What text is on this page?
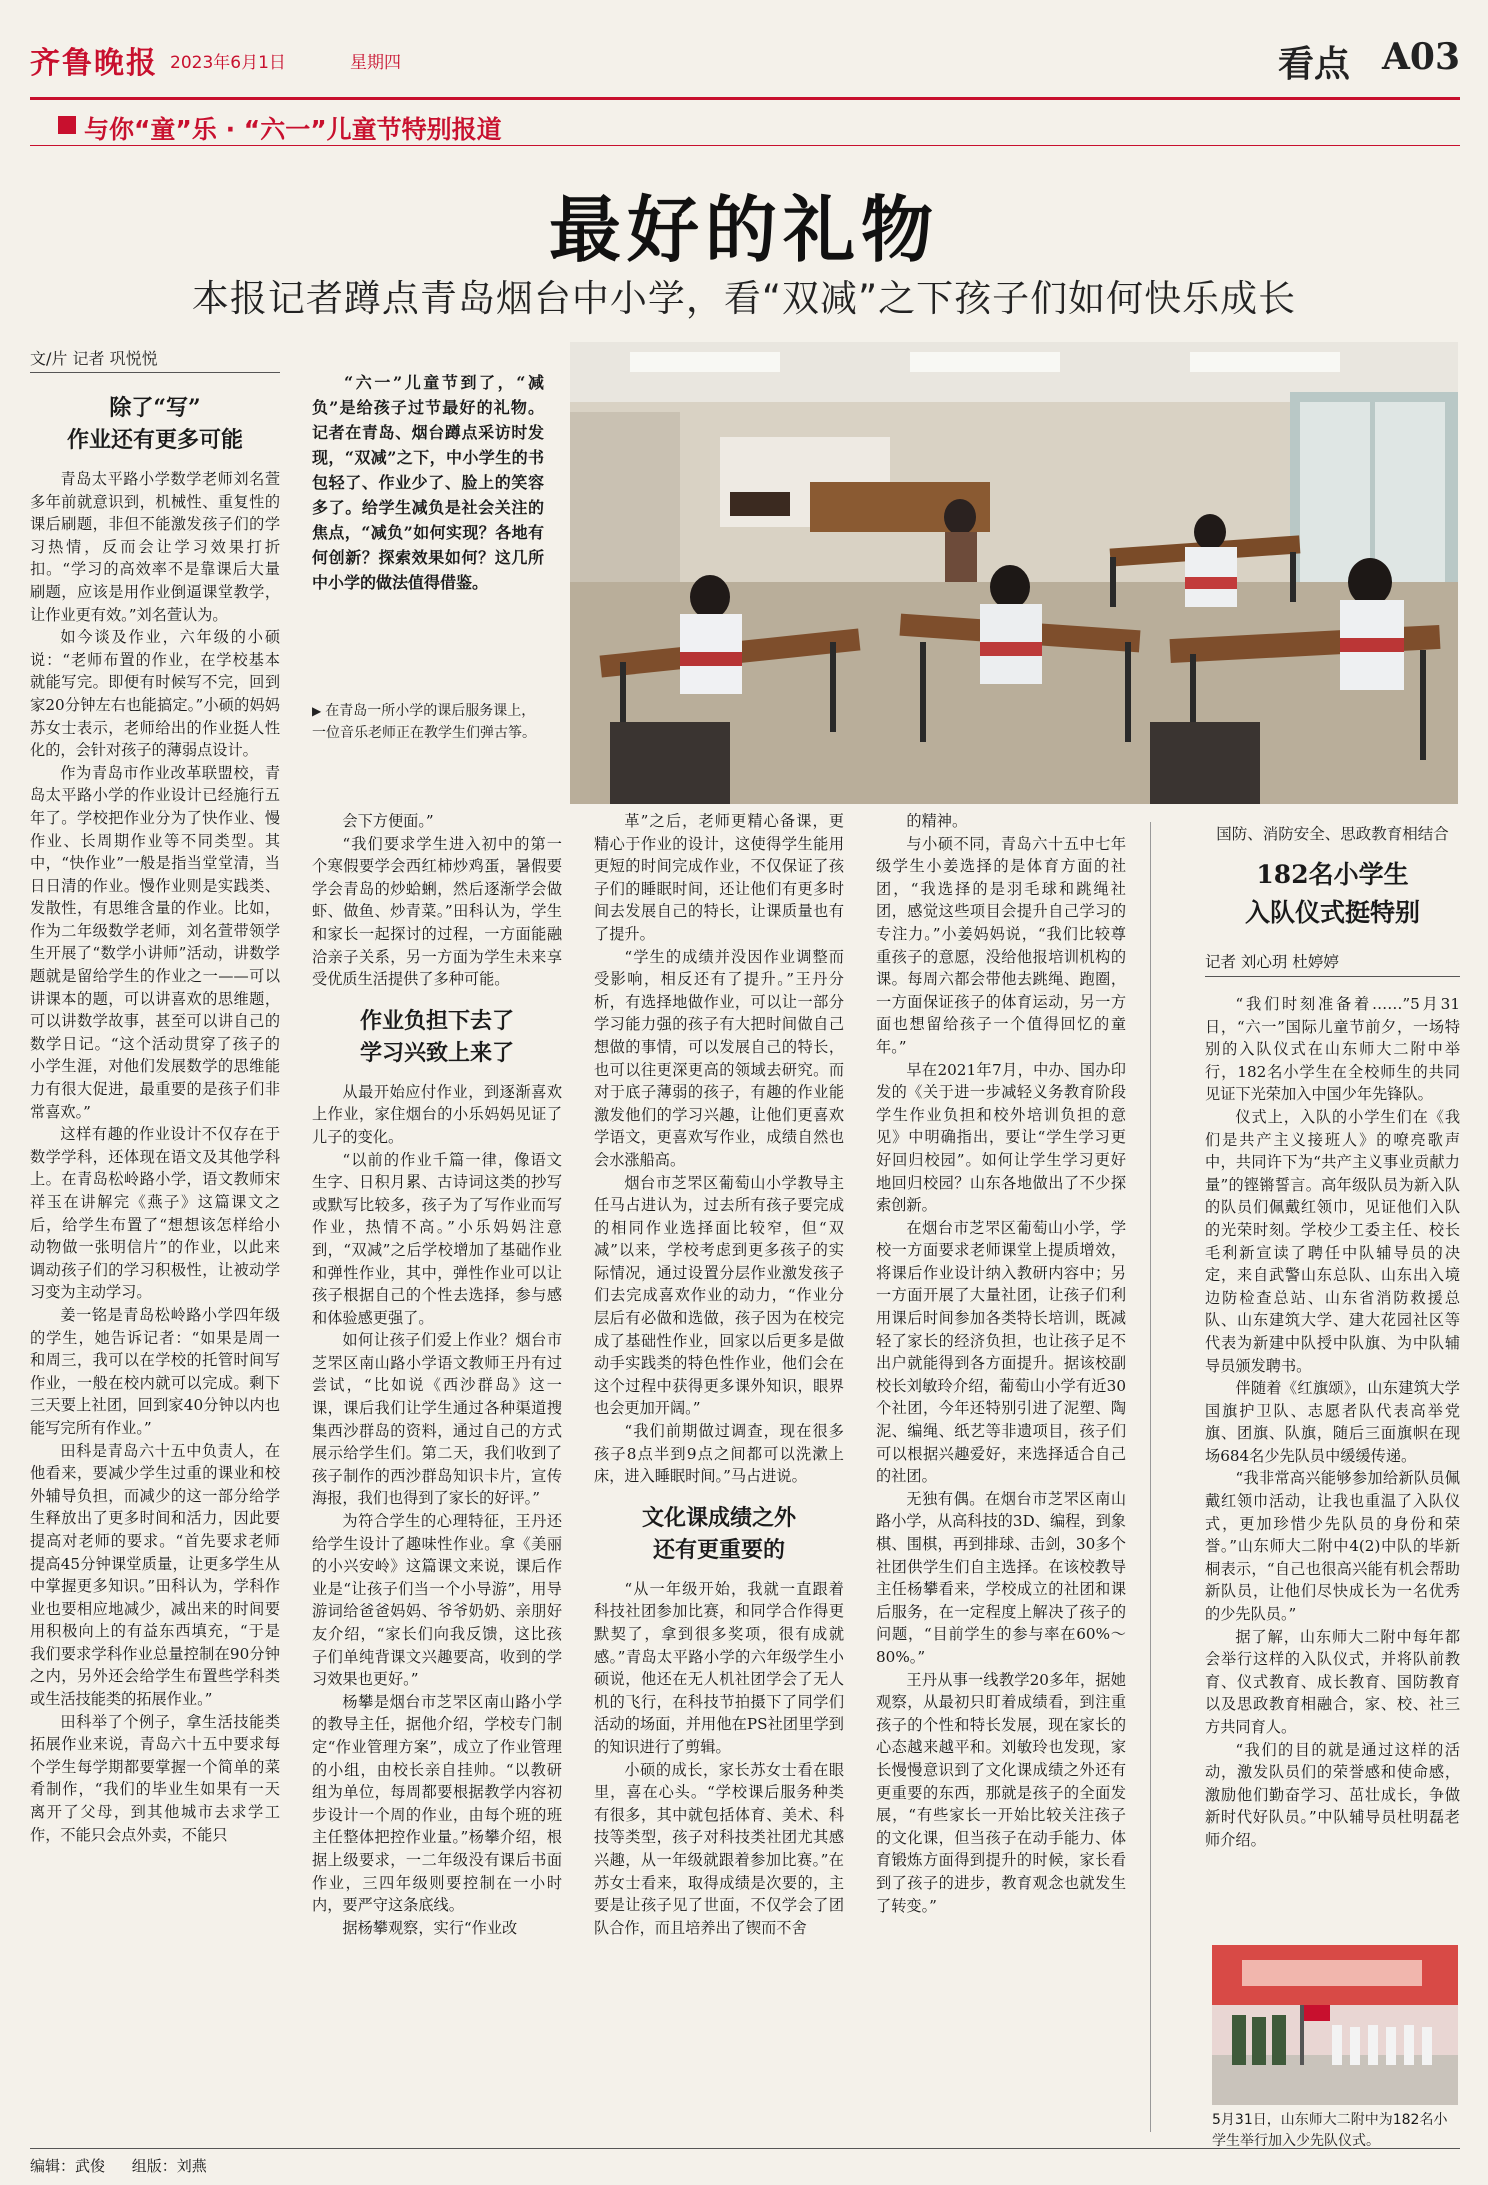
齐鲁晚报 2023年6月1日	星期四	看点 A03
与你“童”乐 · “六一”儿童节特别报道
最好的礼物
本报记者蹲点青岛烟台中小学，看“双减”之下孩子们如何快乐成长
文/片 记者 巩悦悦
除了“写”
作业还有更多可能

青岛太平路小学数学老师刘名萱多年前就意识到，机械性、重复性的课后刷题，非但不能激发孩子们的学习热情，反而会让学习效果打折扣。“学习的高效率不是靠课后大量刷题，应该是用作业倒逼课堂教学，让作业更有效。”刘名萱认为。

如今谈及作业，六年级的小硕说：“老师布置的作业，在学校基本就能写完。即便有时候写不完，回到家20分钟左右也能搞定。”小硕的妈妈苏女士表示，老师给出的作业挺人性化的，会针对孩子的薄弱点设计。

作为青岛市作业改革联盟校，青岛太平路小学的作业设计已经施行五年了。学校把作业分为了快作业、慢作业、长周期作业等不同类型。其中，“快作业”一般是指当堂堂清，当日日清的作业。慢作业则是实践类、发散性，有思维含量的作业。比如，作为二年级数学老师，刘名萱带领学生开展了“数学小讲师”活动，讲数学题就是留给学生的作业之一——可以讲课本的题，可以讲喜欢的思维题，可以讲数学故事，甚至可以讲自己的数学日记。“这个活动贯穿了孩子的小学生涯，对他们发展数学的思维能力有很大促进，最重要的是孩子们非常喜欢。”

这样有趣的作业设计不仅存在于数学学科，还体现在语文及其他学科上。在青岛松岭路小学，语文教师宋祥玉在讲解完《燕子》这篇课文之后，给学生布置了“想想该怎样给小动物做一张明信片”的作业，以此来调动孩子们的学习积极性，让被动学习变为主动学习。

姜一铭是青岛松岭路小学四年级的学生，她告诉记者：“如果是周一和周三，我可以在学校的托管时间写作业，一般在校内就可以完成。剩下三天要上社团，回到家40分钟以内也能写完所有作业。”

田科是青岛六十五中负责人，在他看来，要减少学生过重的课业和校外辅导负担，而减少的这一部分给学生释放出了更多时间和活力，因此要提高对老师的要求。“首先要求老师提高45分钟课堂质量，让更多学生从中掌握更多知识。”田科认为，学科作业也要相应地减少，减出来的时间要用积极向上的有益东西填充，“于是我们要求学科作业总量控制在90分钟之内，另外还会给学生布置些学科类或生活技能类的拓展作业。”

田科举了个例子，拿生活技能类拓展作业来说，青岛六十五中要求每个学生每学期都要掌握一个简单的菜肴制作，“我们的毕业生如果有一天离开了父母，到其他城市去求学工作，不能只会点外卖，不能只

“六一”儿童节到了，“减负”是给孩子过节最好的礼物。记者在青岛、烟台蹲点采访时发现，“双减”之下，中小学生的书包轻了、作业少了、脸上的笑容多了。给学生减负是社会关注的焦点，“减负”如何实现？各地有何创新？探索效果如何？这几所中小学的做法值得借鉴。

▶ 在青岛一所小学的课后服务课上，一位音乐老师正在教学生们弹古筝。

会下方便面。”

“我们要求学生进入初中的第一个寒假要学会西红柿炒鸡蛋，暑假要学会青岛的炒蛤蜊，然后逐渐学会做虾、做鱼、炒青菜。”田科认为，学生和家长一起探讨的过程，一方面能融洽亲子关系，另一方面为学生未来享受优质生活提供了多种可能。

作业负担下去了
学习兴致上来了

从最开始应付作业，到逐渐喜欢上作业，家住烟台的小乐妈妈见证了儿子的变化。

“以前的作业千篇一律，像语文生字、日积月累、古诗词这类的抄写或默写比较多，孩子为了写作业而写作业，热情不高。”小乐妈妈注意到，“双减”之后学校增加了基础作业和弹性作业，其中，弹性作业可以让孩子根据自己的个性去选择，参与感和体验感更强了。

如何让孩子们爱上作业？烟台市芝罘区南山路小学语文教师王丹有过尝试，“比如说《西沙群岛》这一课，课后我们让学生通过各种渠道搜集西沙群岛的资料，通过自己的方式展示给学生们。第二天，我们收到了孩子制作的西沙群岛知识卡片，宣传海报，我们也得到了家长的好评。”

为符合学生的心理特征，王丹还给学生设计了趣味性作业。拿《美丽的小兴安岭》这篇课文来说，课后作业是“让孩子们当一个小导游”，用导游词给爸爸妈妈、爷爷奶奶、亲朋好友介绍，“家长们向我反馈，这比孩子们单纯背课文兴趣要高，收到的学习效果也更好。”

杨攀是烟台市芝罘区南山路小学的教导主任，据他介绍，学校专门制定“作业管理方案”，成立了作业管理的小组，由校长亲自挂帅。“以教研组为单位，每周都要根据教学内容初步设计一个周的作业，由每个班的班主任整体把控作业量。”杨攀介绍，根据上级要求，一二年级没有课后书面作业，三四年级则要控制在一小时内，要严守这条底线。

据杨攀观察，实行“作业改

革”之后，老师更精心备课，更精心于作业的设计，这使得学生能用更短的时间完成作业，不仅保证了孩子们的睡眠时间，还让他们有更多时间去发展自己的特长，让课质量也有了提升。

“学生的成绩并没因作业调整而受影响，相反还有了提升。”王丹分析，有选择地做作业，可以让一部分学习能力强的孩子有大把时间做自己想做的事情，可以发展自己的特长，也可以往更深更高的领域去研究。而对于底子薄弱的孩子，有趣的作业能激发他们的学习兴趣，让他们更喜欢学语文，更喜欢写作业，成绩自然也会水涨船高。

烟台市芝罘区葡萄山小学教导主任马占进认为，过去所有孩子要完成的相同作业选择面比较窄，但“双减”以来，学校考虑到更多孩子的实际情况，通过设置分层作业激发孩子们去完成喜欢作业的动力，“作业分层后有必做和选做，孩子因为在校完成了基础性作业，回家以后更多是做动手实践类的特色性作业，他们会在这个过程中获得更多课外知识，眼界也会更加开阔。”

“我们前期做过调查，现在很多孩子8点半到9点之间都可以洗漱上床，进入睡眠时间。”马占进说。

文化课成绩之外
还有更重要的

“从一年级开始，我就一直跟着科技社团参加比赛，和同学合作得更默契了，拿到很多奖项，很有成就感。”青岛太平路小学的六年级学生小硕说，他还在无人机社团学会了无人机的飞行，在科技节拍摄下了同学们活动的场面，并用他在PS社团里学到的知识进行了剪辑。

小硕的成长，家长苏女士看在眼里，喜在心头。“学校课后服务种类有很多，其中就包括体育、美术、科技等类型，孩子对科技类社团尤其感兴趣，从一年级就跟着参加比赛。”在苏女士看来，取得成绩是次要的，主要是让孩子见了世面，不仅学会了团队合作，而且培养出了锲而不舍

的精神。

与小硕不同，青岛六十五中七年级学生小姜选择的是体育方面的社团，“我选择的是羽毛球和跳绳社团，感觉这些项目会提升自己学习的专注力。”小姜妈妈说，“我们比较尊重孩子的意愿，没给他报培训机构的课。每周六都会带他去跳绳、跑圈，一方面保证孩子的体育运动，另一方面也想留给孩子一个值得回忆的童年。”

早在2021年7月，中办、国办印发的《关于进一步减轻义务教育阶段学生作业负担和校外培训负担的意见》中明确指出，要让“学生学习更好回归校园”。如何让学生学习更好地回归校园？山东各地做出了不少探索创新。

在烟台市芝罘区葡萄山小学，学校一方面要求老师课堂上提质增效，将课后作业设计纳入教研内容中；另一方面开展了大量社团，让孩子们利用课后时间参加各类特长培训，既减轻了家长的经济负担，也让孩子足不出户就能得到各方面提升。据该校副校长刘敏玲介绍，葡萄山小学有近30个社团，今年还特别引进了泥塑、陶泥、编绳、纸艺等非遗项目，孩子们可以根据兴趣爱好，来选择适合自己的社团。

无独有偶。在烟台市芝罘区南山路小学，从高科技的3D、编程，到象棋、围棋，再到排球、击剑，30多个社团供学生们自主选择。在该校教导主任杨攀看来，学校成立的社团和课后服务，在一定程度上解决了孩子的问题，“目前学生的参与率在60%～80%。”

王丹从事一线教学20多年，据她观察，从最初只盯着成绩看，到注重孩子的个性和特长发展，现在家长的心态越来越平和。刘敏玲也发现，家长慢慢意识到了文化课成绩之外还有更重要的东西，那就是孩子的全面发展，“有些家长一开始比较关注孩子的文化课，但当孩子在动手能力、体育锻炼方面得到提升的时候，家长看到了孩子的进步，教育观念也就发生了转变。”

国防、消防安全、思政教育相结合
182名小学生
入队仪式挺特别
记者 刘心玥 杜婷婷

“我们时刻准备着……”5月31日，“六一”国际儿童节前夕，一场特别的入队仪式在山东师大二附中举行，182名小学生在全校师生的共同见证下光荣加入中国少年先锋队。

仪式上，入队的小学生们在《我们是共产主义接班人》的嘹亮歌声中，共同许下为“共产主义事业贡献力量”的铿锵誓言。高年级队员为新入队的队员们佩戴红领巾，见证他们入队的光荣时刻。学校少工委主任、校长毛利新宣读了聘任中队辅导员的决定，来自武警山东总队、山东出入境边防检查总站、山东省消防救援总队、山东建筑大学、建大花园社区等代表为新建中队授中队旗、为中队辅导员颁发聘书。

伴随着《红旗颂》，山东建筑大学国旗护卫队、志愿者队代表高举党旗、团旗、队旗，随后三面旗帜在现场684名少先队员中缓缓传递。

“我非常高兴能够参加给新队员佩戴红领巾活动，让我也重温了入队仪式，更加珍惜少先队员的身份和荣誉。”山东师大二附中4(2)中队的毕新桐表示，“自己也很高兴能有机会帮助新队员，让他们尽快成长为一名优秀的少先队员。”

据了解，山东师大二附中每年都会举行这样的入队仪式，并将队前教育、仪式教育、成长教育、国防教育以及思政教育相融合，家、校、社三方共同育人。

“我们的目的就是通过这样的活动，激发队员们的荣誉感和使命感，激励他们勤奋学习、茁壮成长，争做新时代好队员。”中队辅导员杜明磊老师介绍。

5月31日，山东师大二附中为182名小学生举行加入少先队仪式。
编辑：武俊 组版：刘燕
